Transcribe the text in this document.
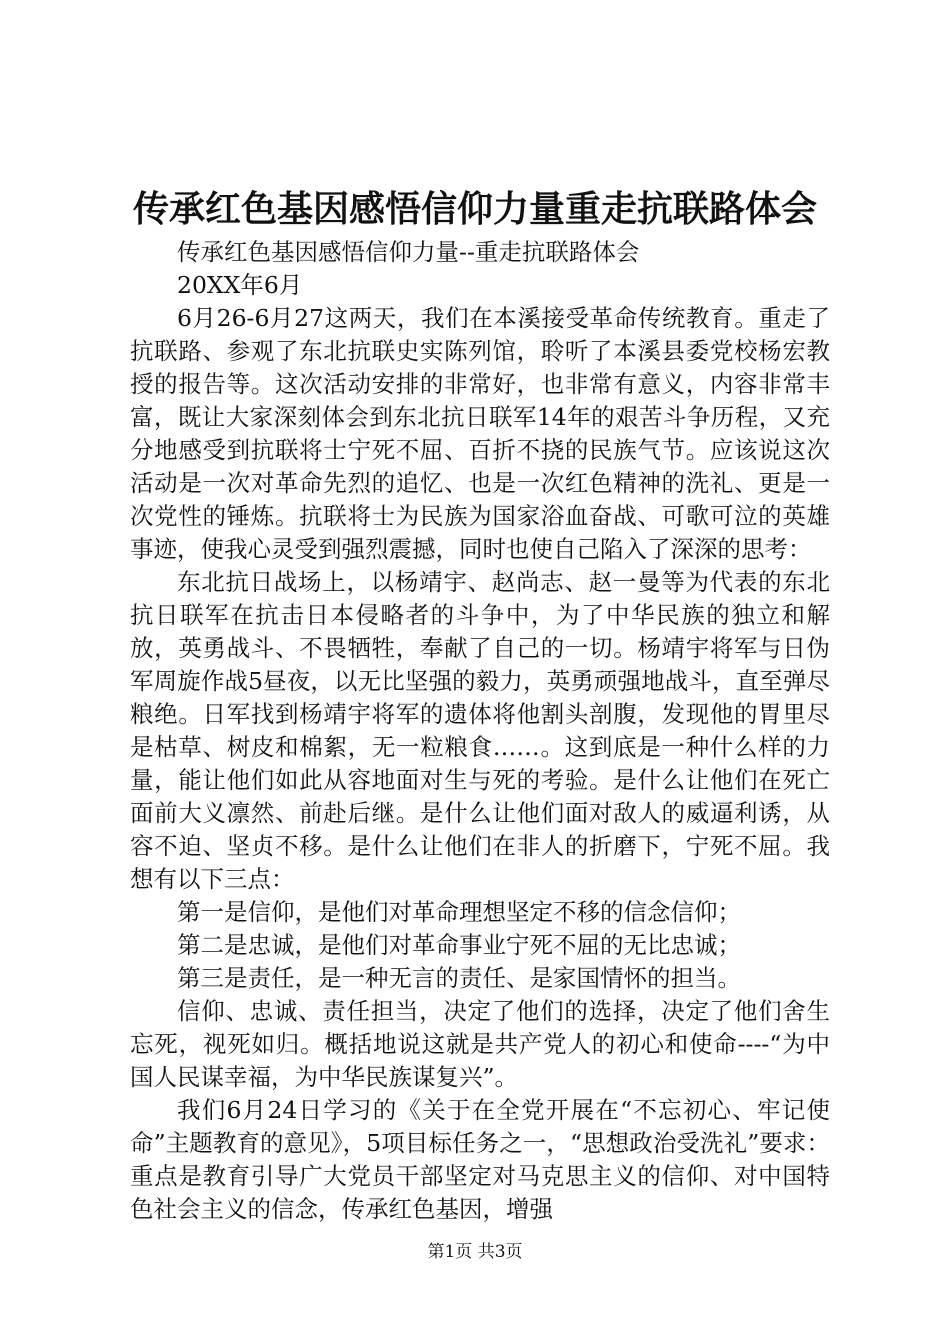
传承红色基因感悟信仰力量重走抗联路体会

传承红色基因感悟信仰力量--重走抗联路体会

20XX年6月

6月26-6月27这两天，我们在本溪接受革命传统教育。重走了抗联路、参观了东北抗联史实陈列馆，聆听了本溪县委党校杨宏教授的报告等。这次活动安排的非常好，也非常有意义，内容非常丰富，既让大家深刻体会到东北抗日联军14年的艰苦斗争历程，又充分地感受到抗联将士宁死不屈、百折不挠的民族气节。应该说这次活动是一次对革命先烈的追忆、也是一次红色精神的洗礼、更是一次党性的锤炼。抗联将士为民族为国家浴血奋战、可歌可泣的英雄事迹，使我心灵受到强烈震撼，同时也使自己陷入了深深的思考：

东北抗日战场上，以杨靖宇、赵尚志、赵一曼等为代表的东北抗日联军在抗击日本侵略者的斗争中，为了中华民族的独立和解放，英勇战斗、不畏牺牲，奉献了自己的一切。杨靖宇将军与日伪军周旋作战5昼夜，以无比坚强的毅力，英勇顽强地战斗，直至弹尽粮绝。日军找到杨靖宇将军的遗体将他割头剖腹，发现他的胃里尽是枯草、树皮和棉絮，无一粒粮食……。这到底是一种什么样的力量，能让他们如此从容地面对生与死的考验。是什么让他们在死亡面前大义凛然、前赴后继。是什么让他们面对敌人的威逼利诱，从容不迫、坚贞不移。是什么让他们在非人的折磨下，宁死不屈。我想有以下三点：

第一是信仰，是他们对革命理想坚定不移的信念信仰；

第二是忠诚，是他们对革命事业宁死不屈的无比忠诚；

第三是责任，是一种无言的责任、是家国情怀的担当。

信仰、忠诚、责任担当，决定了他们的选择，决定了他们舍生忘死，视死如归。概括地说这就是共产党人的初心和使命----“为中国人民谋幸福，为中华民族谋复兴”。

我们6月24日学习的《关于在全党开展在“不忘初心、牢记使命”主题教育的意见》，5项目标任务之一，“思想政治受洗礼”要求：重点是教育引导广大党员干部坚定对马克思主义的信仰、对中国特色社会主义的信念，传承红色基因，增强

第1页 共3页
